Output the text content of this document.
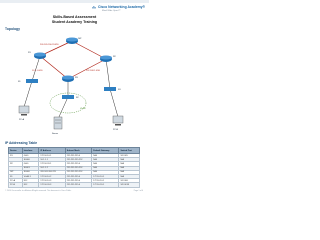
Cisco Networking Academy®
Mind Wide Open™
Skills-Based Assessment
Student Academy Training
Topology
R1
ISP
R2
R3
S1
S2
S3
PC-A
Server
PC-B
209.165.200.224/30
192.168.1.0/30
10.1.1.0/30
VLAN
IP Addressing Table
Device	Interface	IP Address	Subnet Mask	Default Gateway	Switch Port
R1	G0/0	172.16.10.1	255.255.255.0	N/A	S1 F0/5
	S0/0/0	10.1.1.1	255.255.255.252	N/A	N/A
R2	G0/0	172.16.20.1	255.255.255.0	N/A	N/A
	S0/0/1	10.1.1.2	255.255.255.252	N/A	N/A
ISP	S0/0/0	209.165.200.225	255.255.255.252	N/A	N/A
S1	VLAN 1	172.16.10.2	255.255.255.0	172.16.10.1	N/A
PC-A	NIC	172.16.10.3	255.255.255.0	172.16.10.1	S1 F0/6
PC-B	NIC	172.16.20.3	255.255.255.0	172.16.20.1	S2 F0/18
© 2014 Cisco and/or its affiliates. All rights reserved. This document is Cisco Public.	Page 1 of 4
